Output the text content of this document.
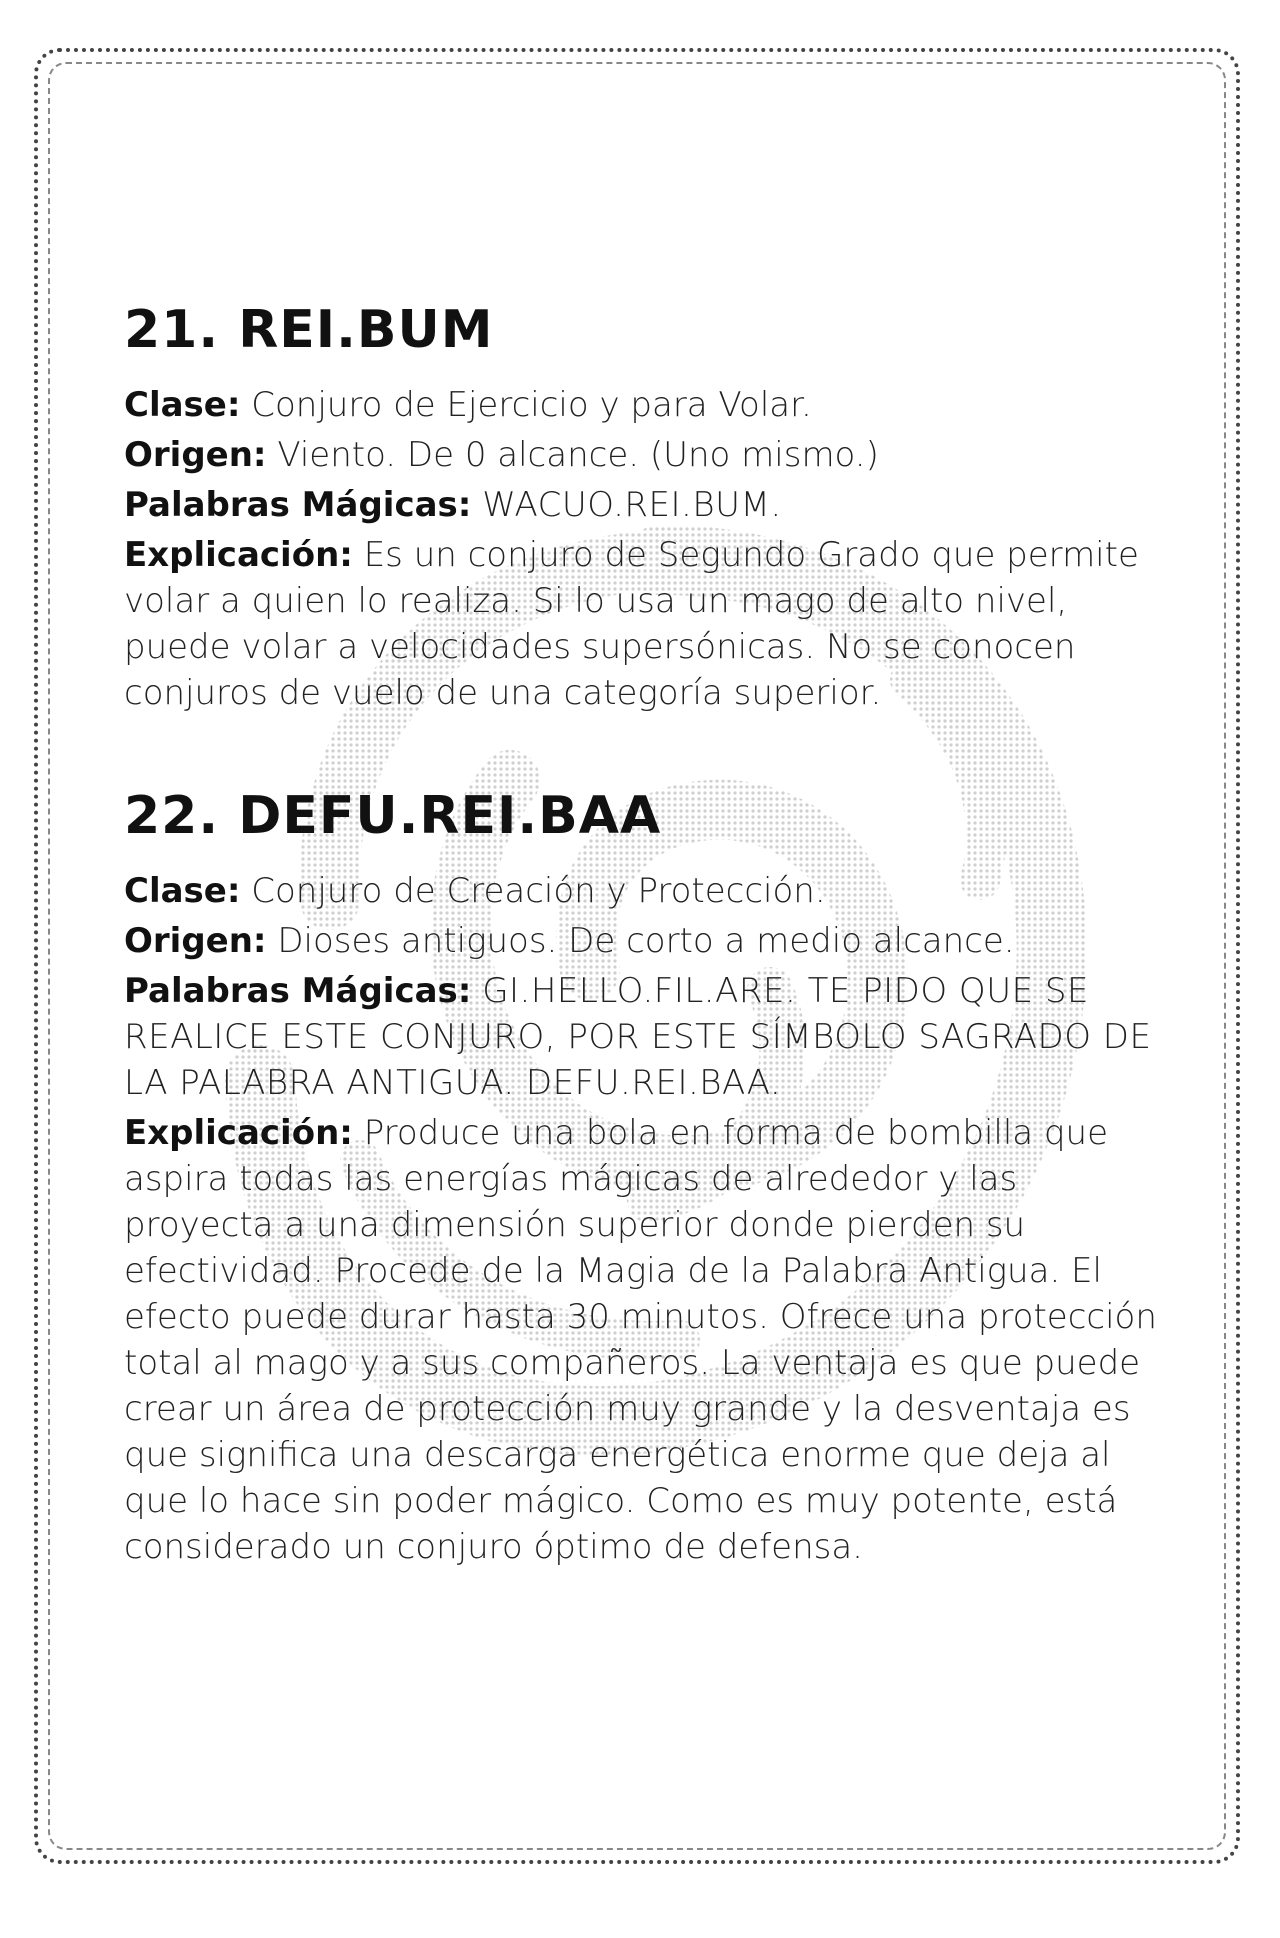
21. REI.BUM

Clase: Conjuro de Ejercicio y para Volar.

Origen: Viento. De 0 alcance. (Uno mismo.)

Palabras Mágicas: WACUO.REI.BUM.

Explicación: Es un conjuro de Segundo Grado que permite volar a quien lo realiza. Si lo usa un mago de alto nivel, puede volar a velocidades supersónicas. No se conocen conjuros de vuelo de una categoría superior.

22. DEFU.REI.BAA

Clase: Conjuro de Creación y Protección.

Origen: Dioses antiguos. De corto a medio alcance.

Palabras Mágicas: GI.HELLO.FIL.ARE. TE PIDO QUE SE REALICE ESTE CONJURO, POR ESTE SÍMBOLO SAGRADO DE LA PALABRA ANTIGUA. DEFU.REI.BAA.

Explicación: Produce una bola en forma de bombilla que aspira todas las energías mágicas de alrededor y las proyecta a una dimensión superior donde pierden su efectividad. Procede de la Magia de la Palabra Antigua. El efecto puede durar hasta 30 minutos. Ofrece una protección total al mago y a sus compañeros. La ventaja es que puede crear un área de protección muy grande y la desventaja es que significa una descarga energética enorme que deja al que lo hace sin poder mágico. Como es muy potente, está considerado un conjuro óptimo de defensa.
